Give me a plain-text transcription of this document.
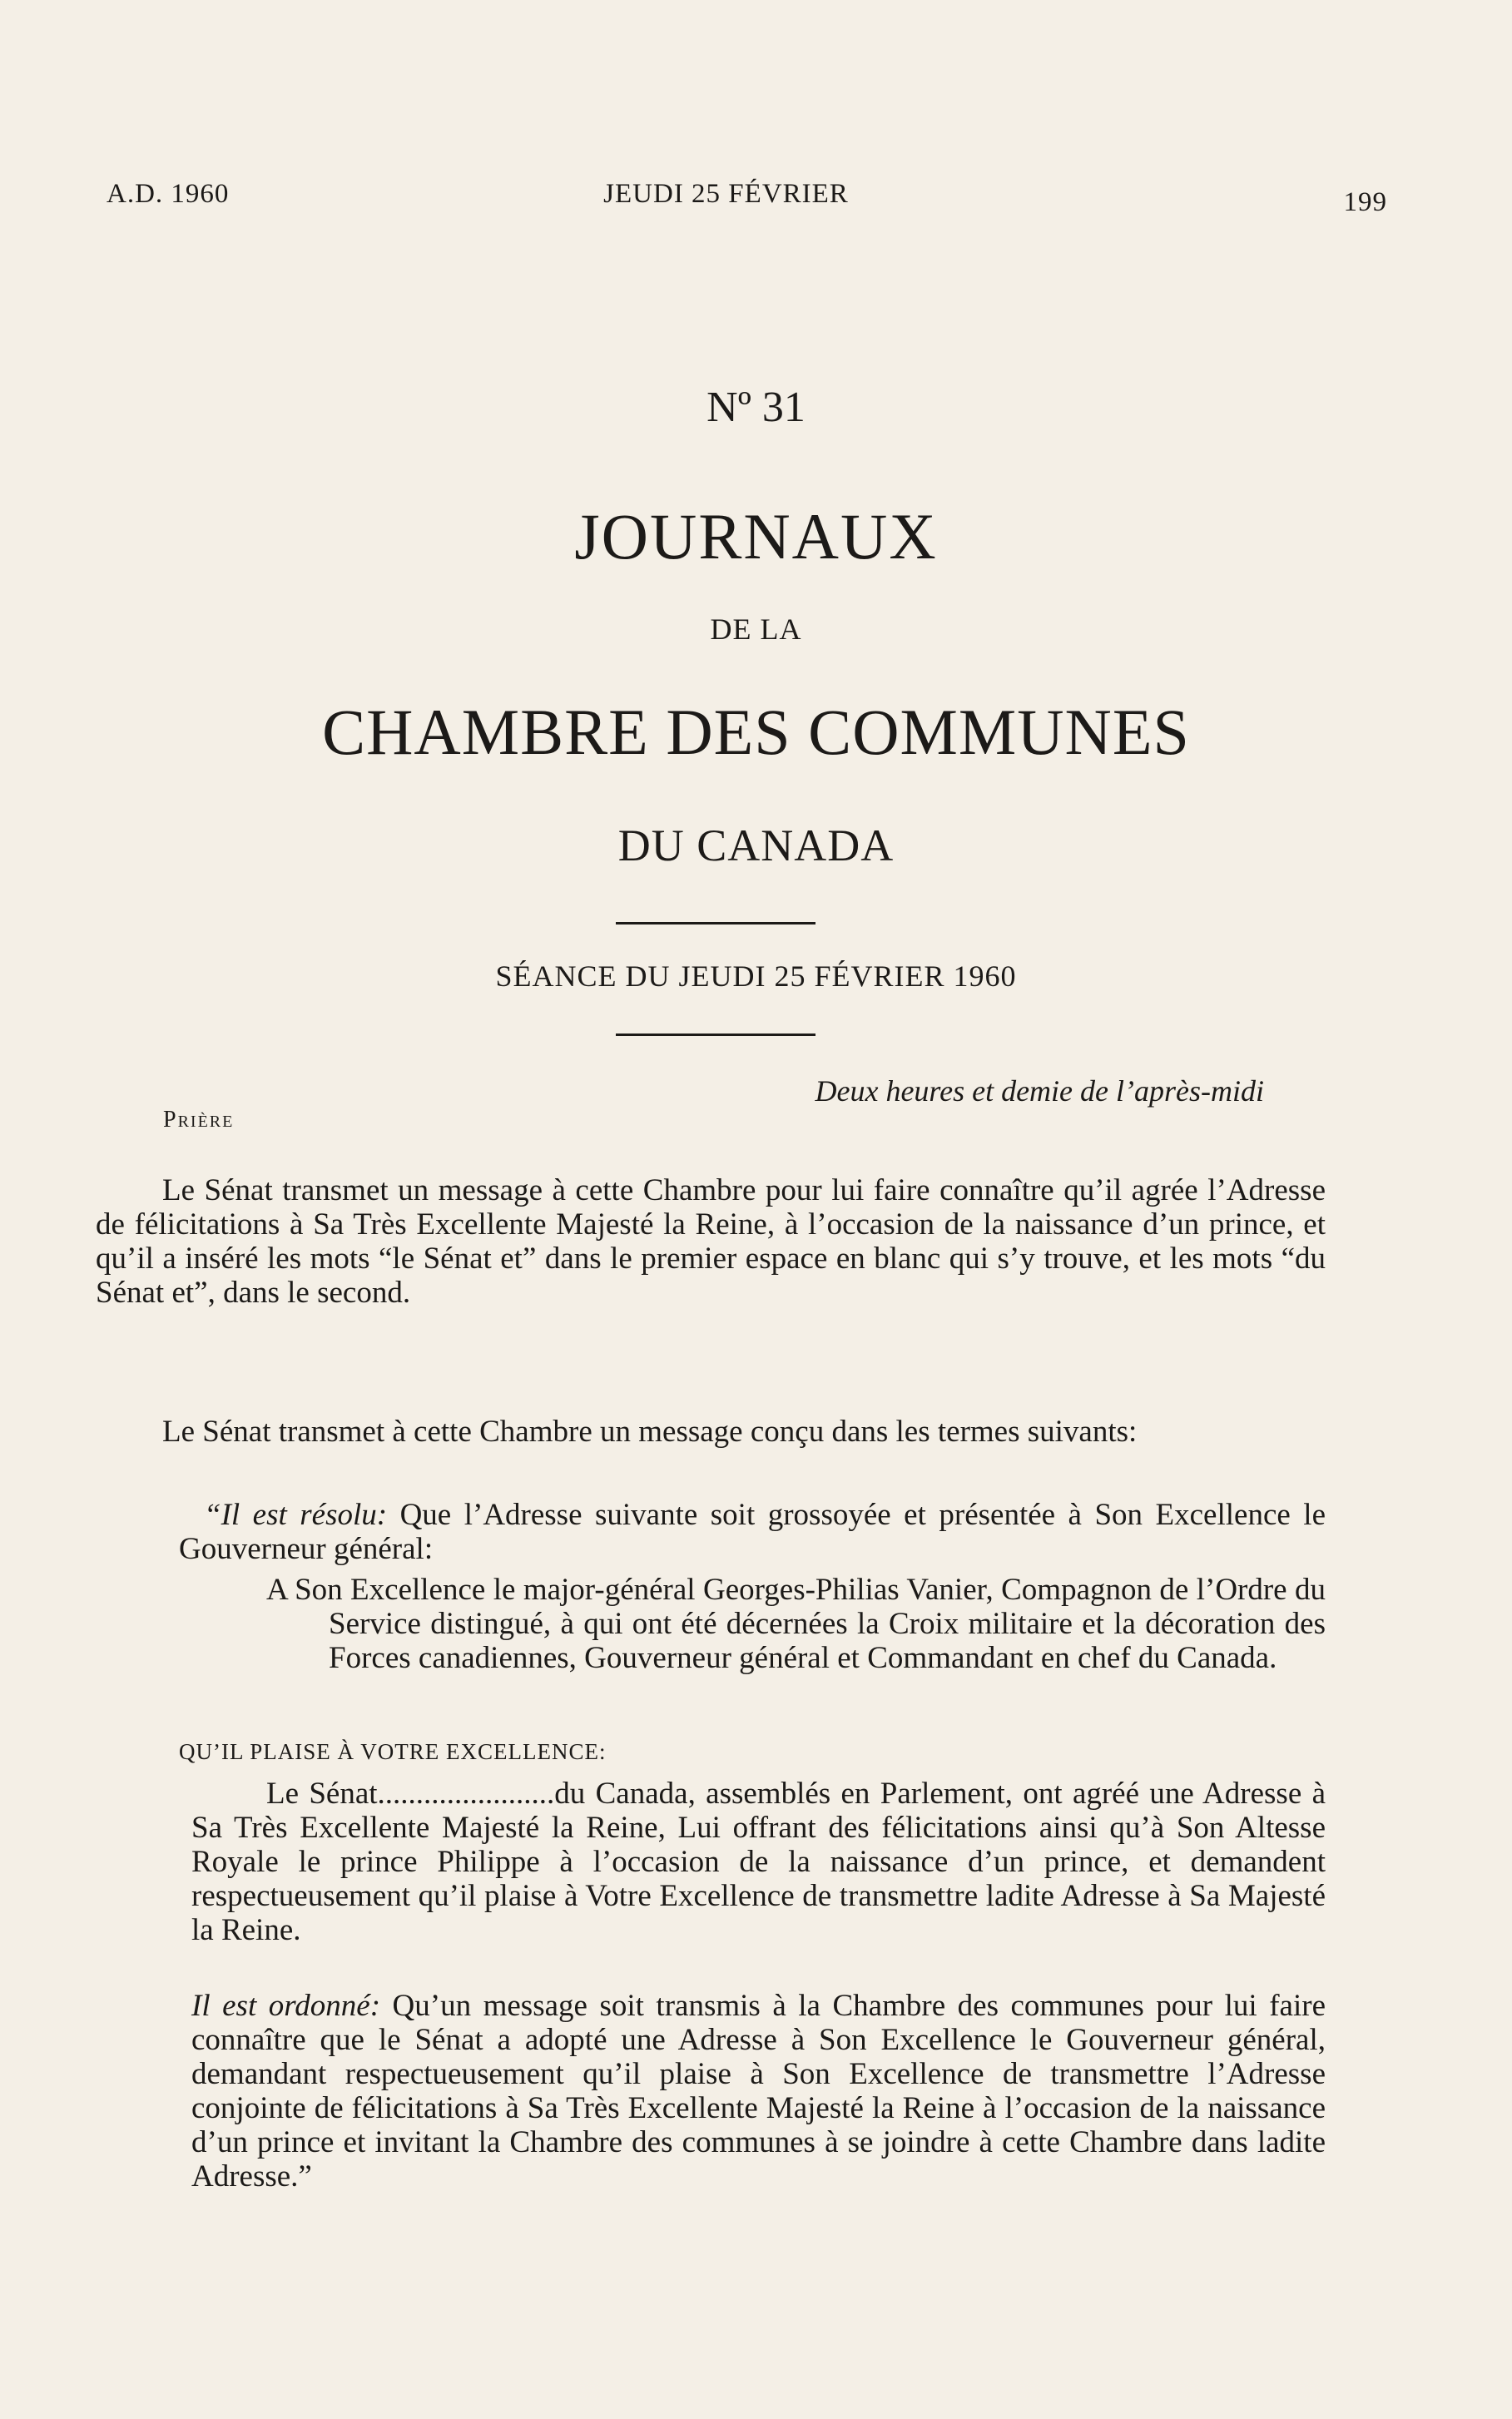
A.D. 1960	JEUDI 25 FÉVRIER	199
Nº 31
JOURNAUX
DE LA
CHAMBRE DES COMMUNES
DU CANADA
SÉANCE DU JEUDI 25 FÉVRIER 1960
Deux heures et demie de l’après-midi
Prière

Le Sénat transmet un message à cette Chambre pour lui faire connaître qu’il agrée l’Adresse de félicitations à Sa Très Excellente Majesté la Reine, à l’occasion de la naissance d’un prince, et qu’il a inséré les mots “le Sénat et” dans le premier espace en blanc qui s’y trouve, et les mots “du Sénat et”, dans le second.

Le Sénat transmet à cette Chambre un message conçu dans les termes suivants:

“Il est résolu: Que l’Adresse suivante soit grossoyée et présentée à Son Excellence le Gouverneur général:

A Son Excellence le major-général Georges-Philias Vanier, Compagnon de l’Ordre du Service distingué, à qui ont été décernées la Croix militaire et la décoration des Forces canadiennes, Gouverneur général et Commandant en chef du Canada.

QU’IL PLAISE À VOTRE EXCELLENCE:

Le Sénat.......................du Canada, assemblés en Parlement, ont agréé une Adresse à Sa Très Excellente Majesté la Reine, Lui offrant des félicitations ainsi qu’à Son Altesse Royale le prince Philippe à l’occasion de la naissance d’un prince, et demandent respectueusement qu’il plaise à Votre Excellence de transmettre ladite Adresse à Sa Majesté la Reine.

Il est ordonné: Qu’un message soit transmis à la Chambre des communes pour lui faire connaître que le Sénat a adopté une Adresse à Son Excellence le Gouverneur général, demandant respectueusement qu’il plaise à Son Excellence de transmettre l’Adresse conjointe de félicitations à Sa Très Excellente Majesté la Reine à l’occasion de la naissance d’un prince et invitant la Chambre des communes à se joindre à cette Chambre dans ladite Adresse.”
